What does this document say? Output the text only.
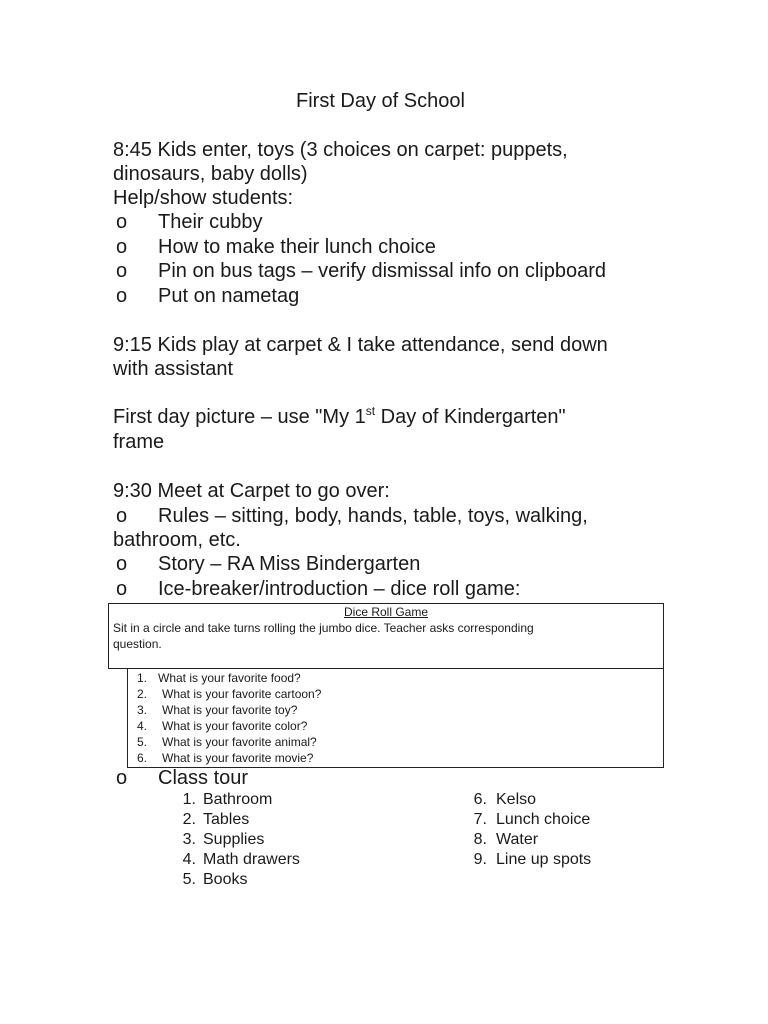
First Day of School
8:45 Kids enter, toys (3 choices on carpet: puppets,
dinosaurs, baby dolls)
Help/show students:
o Their cubby
o How to make their lunch choice
o Pin on bus tags – verify dismissal info on clipboard
o Put on nametag
9:15 Kids play at carpet & I take attendance, send down
with assistant
First day picture – use "My 1st Day of Kindergarten"
frame
9:30 Meet at Carpet to go over:
o Rules – sitting, body, hands, table, toys, walking,
bathroom, etc.
o Story – RA Miss Bindergarten
o Ice-breaker/introduction – dice roll game:
Dice Roll Game
Sit in a circle and take turns rolling the jumbo dice. Teacher asks corresponding
question.
1. What is your favorite food?
2. What is your favorite cartoon?
3. What is your favorite toy?
4. What is your favorite color?
5. What is your favorite animal?
6. What is your favorite movie?
o Class tour
1. Bathroom
2. Tables
3. Supplies
4. Math drawers
5. Books
6. Kelso
7. Lunch choice
8. Water
9. Line up spots
